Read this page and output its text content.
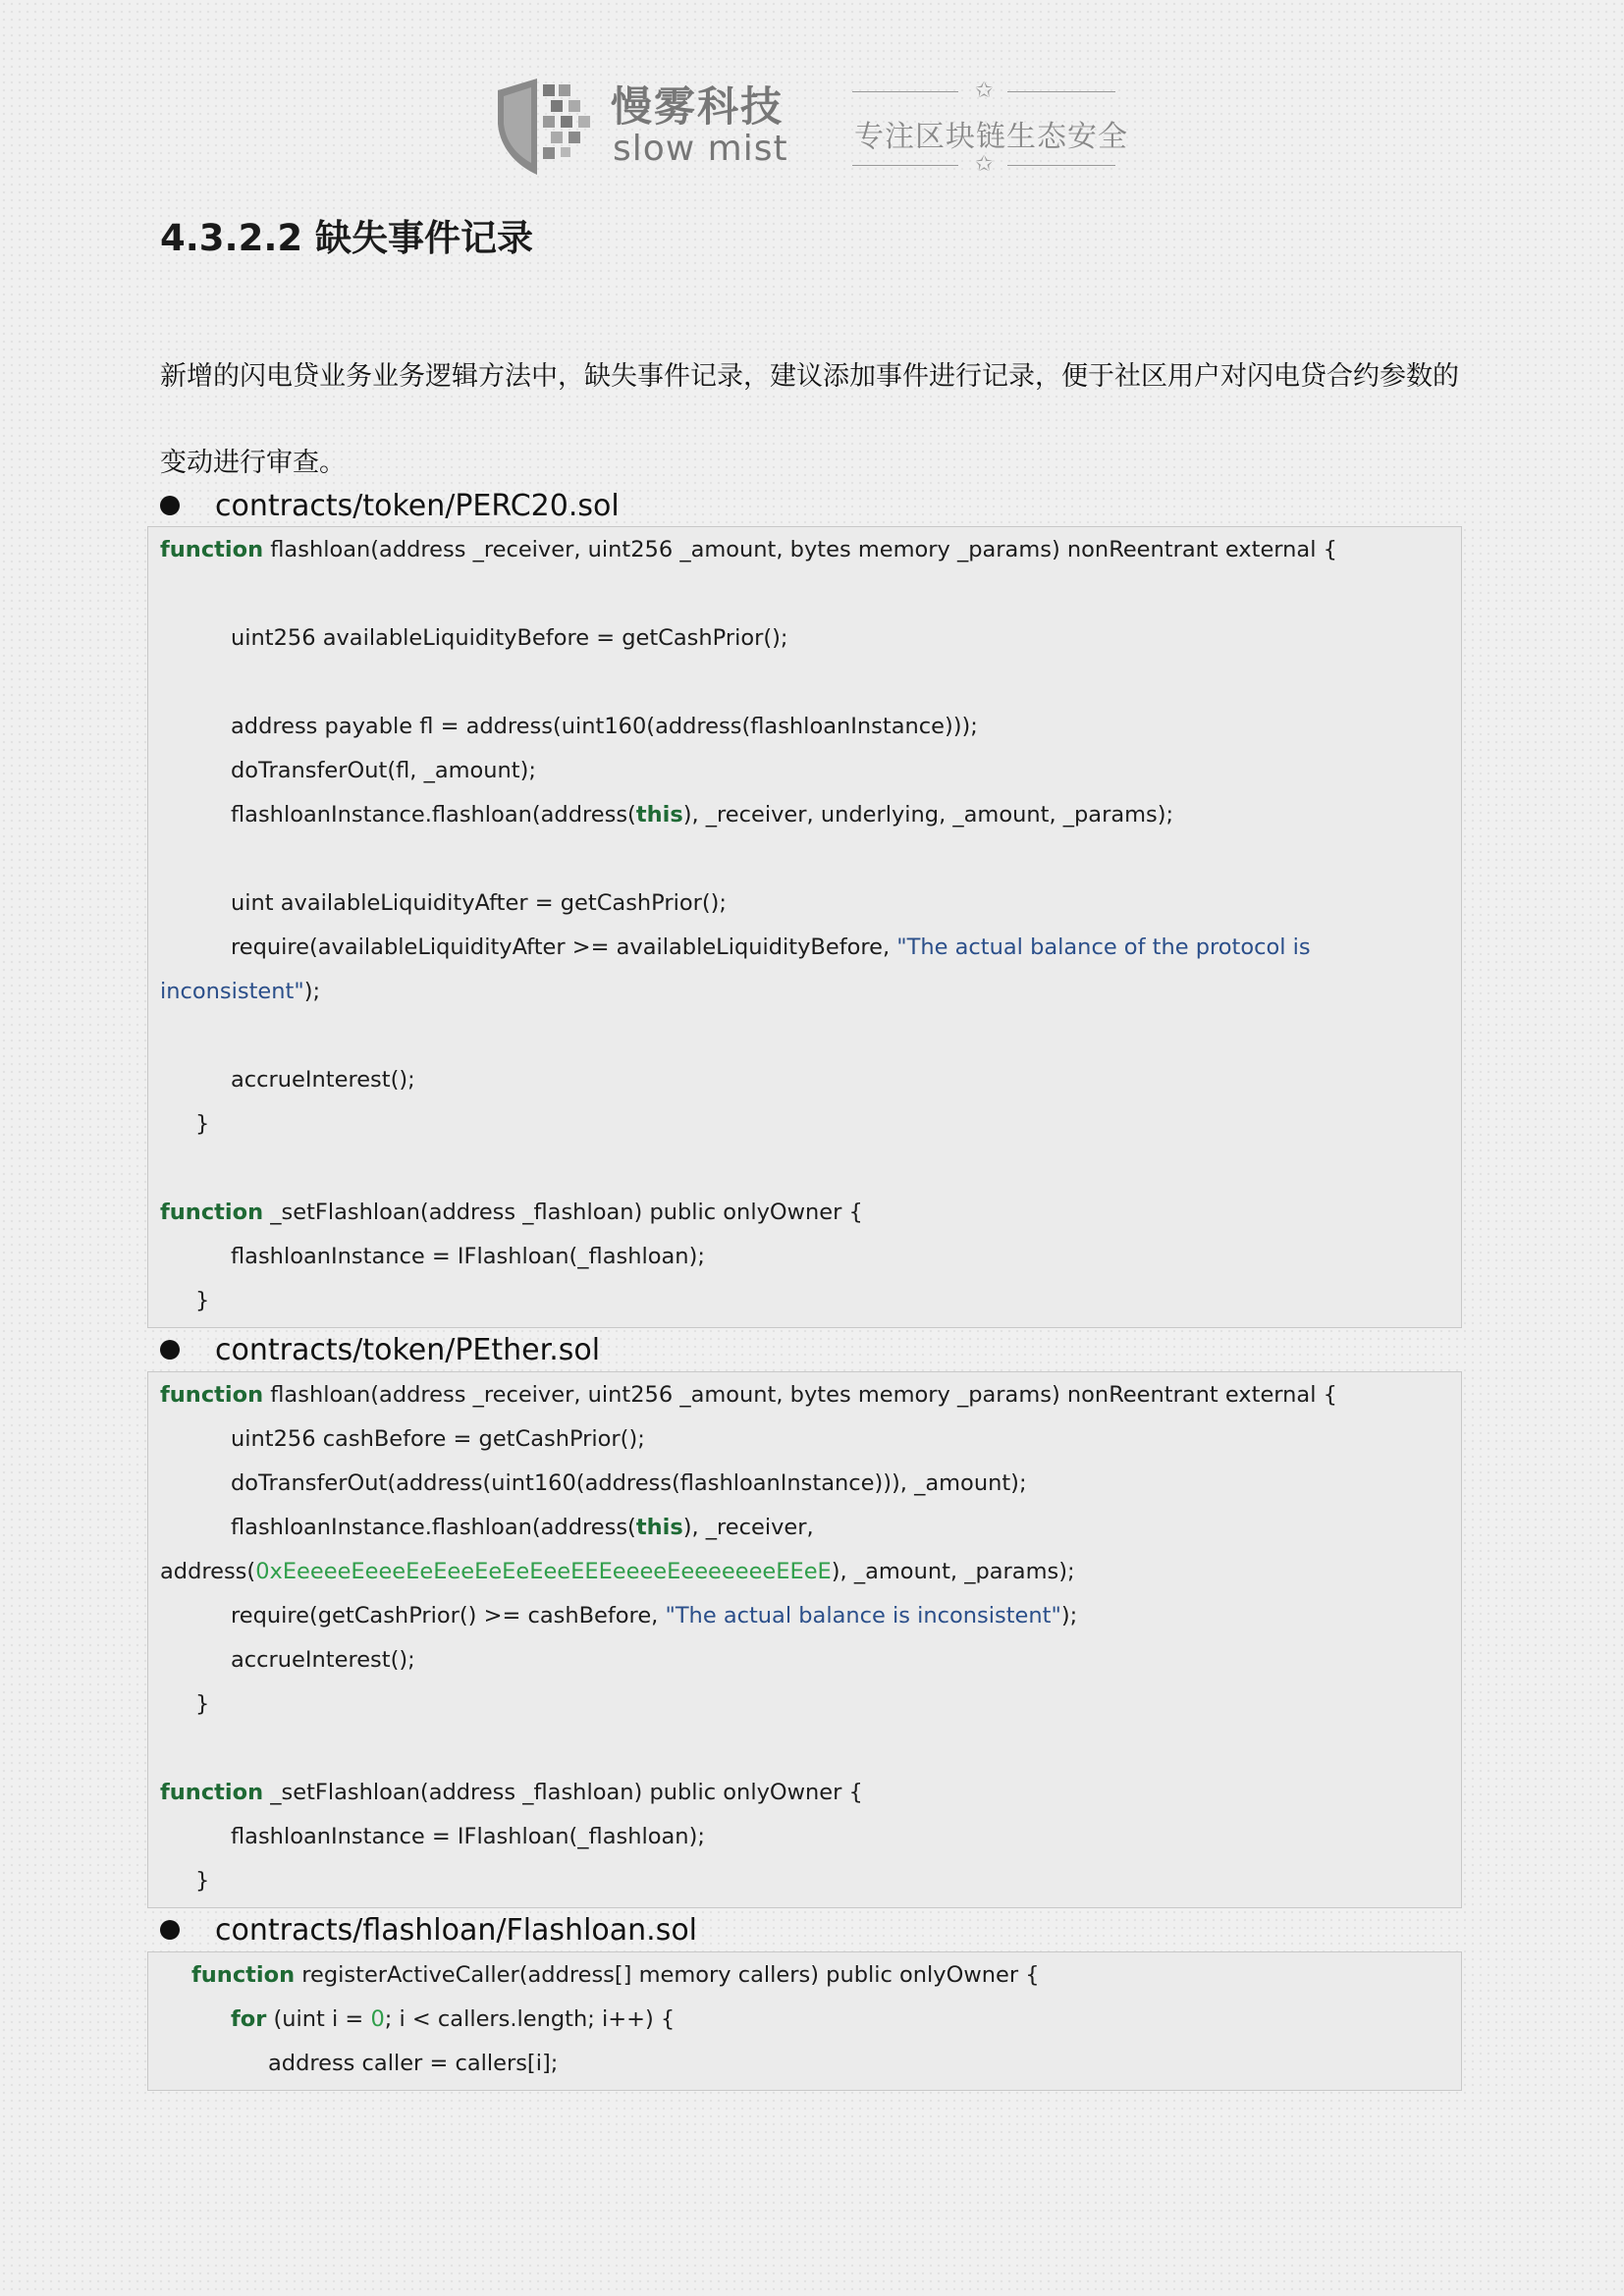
慢雾科技
slow mist
✩
专注区块链生态安全
✩
4.3.2.2 缺失事件记录

新增的闪电贷业务业务逻辑方法中，缺失事件记录，建议添加事件进行记录，便于社区用户对闪电贷合约参数的变动进行审查。

contracts/token/PERC20.sol
function flashloan(address _receiver, uint256 _amount, bytes memory _params) nonReentrant external {
uint256 availableLiquidityBefore = getCashPrior();
address payable fl = address(uint160(address(flashloanInstance)));
doTransferOut(fl, _amount);
flashloanInstance.flashloan(address(this), _receiver, underlying, _amount, _params);
uint availableLiquidityAfter = getCashPrior();
require(availableLiquidityAfter >= availableLiquidityBefore, "The actual balance of the protocol is
inconsistent");
accrueInterest();
}
function _setFlashloan(address _flashloan) public onlyOwner {
flashloanInstance = IFlashloan(_flashloan);
}
contracts/token/PEther.sol
function flashloan(address _receiver, uint256 _amount, bytes memory _params) nonReentrant external {
uint256 cashBefore = getCashPrior();
doTransferOut(address(uint160(address(flashloanInstance))), _amount);
flashloanInstance.flashloan(address(this), _receiver,
address(0xEeeeeEeeeEeEeeEeEeEeeEEEeeeeEeeeeeeeEEeE), _amount, _params);
require(getCashPrior() >= cashBefore, "The actual balance is inconsistent");
accrueInterest();
}
function _setFlashloan(address _flashloan) public onlyOwner {
flashloanInstance = IFlashloan(_flashloan);
}
contracts/flashloan/Flashloan.sol
function registerActiveCaller(address[] memory callers) public onlyOwner {
for (uint i = 0; i < callers.length; i++) {
address caller = callers[i];
